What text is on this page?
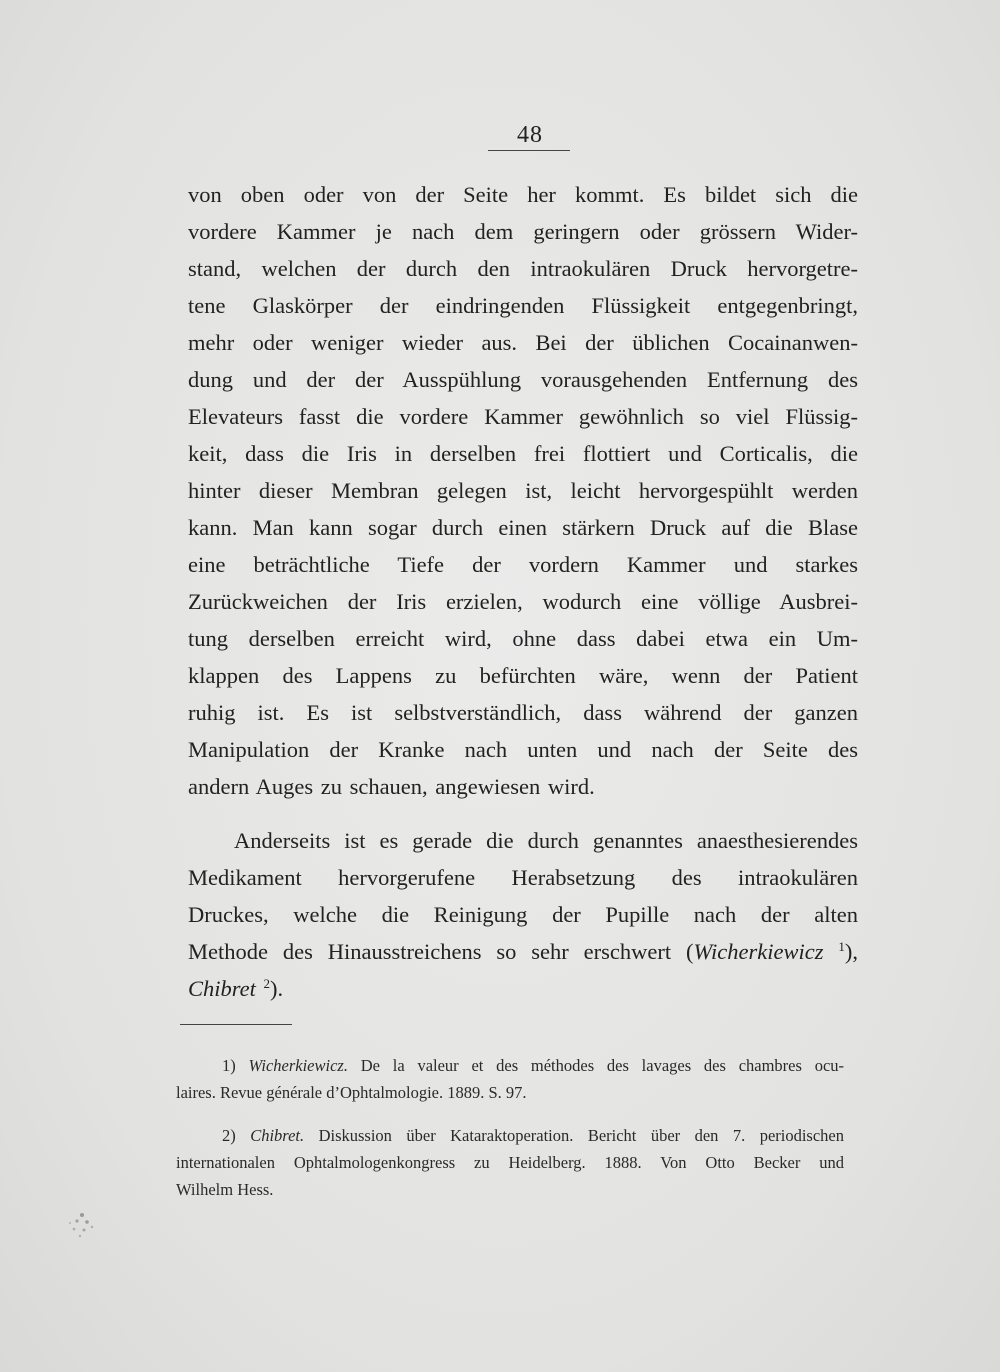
48
von oben oder von der Seite her kommt. Es bildet sich die
vordere Kammer je nach dem geringern oder grössern Wider-
stand, welchen der durch den intraokulären Druck hervorgetre-
tene Glaskörper der eindringenden Flüssigkeit entgegenbringt,
mehr oder weniger wieder aus. Bei der üblichen Cocainanwen-
dung und der der Ausspühlung vorausgehenden Entfernung des
Elevateurs fasst die vordere Kammer gewöhnlich so viel Flüssig-
keit, dass die Iris in derselben frei flottiert und Corticalis, die
hinter dieser Membran gelegen ist, leicht hervorgespühlt werden
kann. Man kann sogar durch einen stärkern Druck auf die Blase
eine beträchtliche Tiefe der vordern Kammer und starkes
Zurückweichen der Iris erzielen, wodurch eine völlige Ausbrei-
tung derselben erreicht wird, ohne dass dabei etwa ein Um-
klappen des Lappens zu befürchten wäre, wenn der Patient
ruhig ist. Es ist selbstverständlich, dass während der ganzen
Manipulation der Kranke nach unten und nach der Seite des
andern Auges zu schauen, angewiesen wird.
Anderseits ist es gerade die durch genanntes anaesthesierendes
Medikament hervorgerufene Herabsetzung des intraokulären
Druckes, welche die Reinigung der Pupille nach der alten
Methode des Hinausstreichens so sehr erschwert (Wicherkiewicz $^1$),
Chibret $^2$).
1) Wicherkiewicz. De la valeur et des méthodes des lavages des chambres ocu-
laires. Revue générale d’Ophtalmologie. 1889. S. 97.
2) Chibret. Diskussion über Kataraktoperation. Bericht über den 7. periodischen
internationalen Ophtalmologenkongress zu Heidelberg. 1888. Von Otto Becker und
Wilhelm Hess.
